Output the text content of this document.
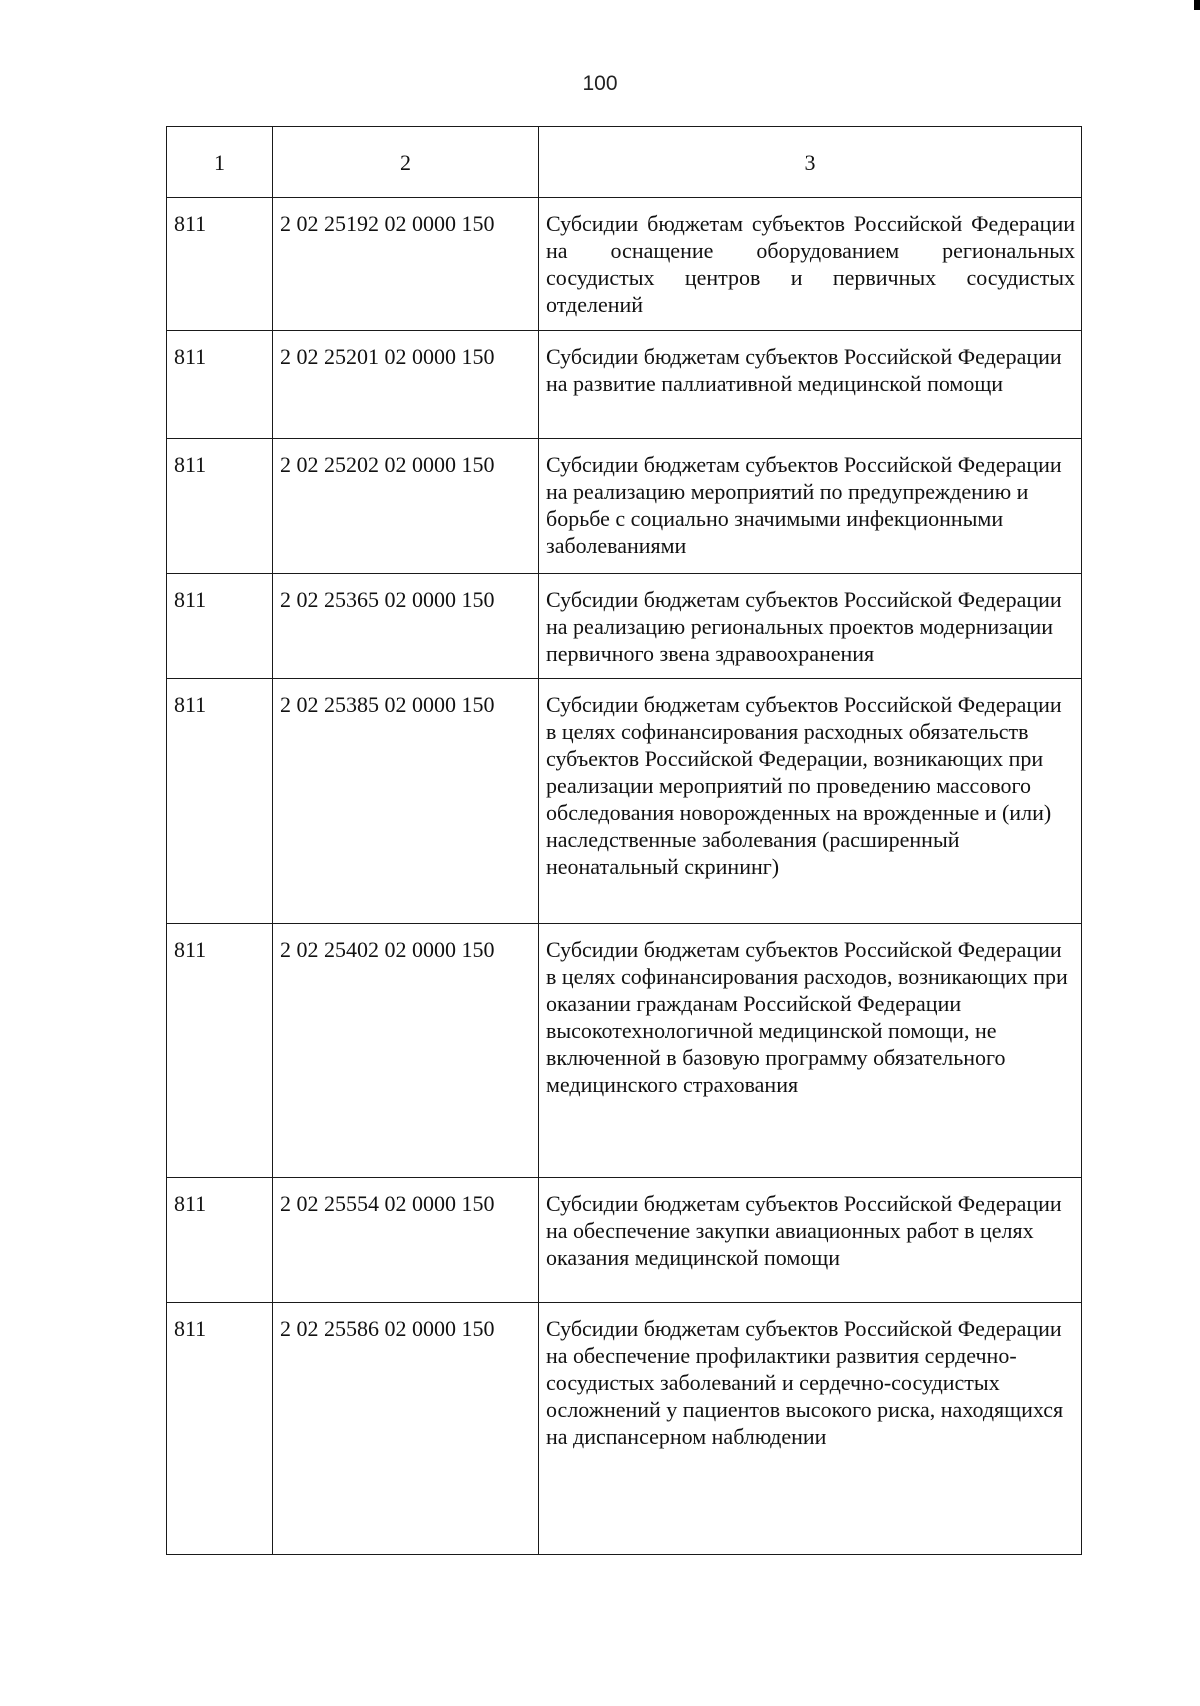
100
1	2	3
811	2 02 25192 02 0000 150	Субсидии бюджетам субъектов Российской Федерации на оснащение оборудованием региональных сосудистых центров и первичных сосудистых отделений
811	2 02 25201 02 0000 150	Субсидии бюджетам субъектов Российской Федерации на развитие паллиативной медицинской помощи
811	2 02 25202 02 0000 150	Субсидии бюджетам субъектов Российской Федерации на реализацию мероприятий по предупреждению и борьбе с социально значимыми инфекционными заболеваниями
811	2 02 25365 02 0000 150	Субсидии бюджетам субъектов Российской Федерации на реализацию региональных проектов модернизации первичного звена здравоохранения
811	2 02 25385 02 0000 150	Субсидии бюджетам субъектов Российской Федерации в целях софинансирования расходных обязательств субъектов Российской Федерации, возникающих при реализации мероприятий по проведению массового обследования новорожденных на врожденные и (или) наследственные заболевания (расширенный неонатальный скрининг)
811	2 02 25402 02 0000 150	Субсидии бюджетам субъектов Российской Федерации в целях софинансирования расходов, возникающих при оказании гражданам Российской Федерации высокотехнологичной медицинской помощи, не включенной в базовую программу обязательного медицинского страхования
811	2 02 25554 02 0000 150	Субсидии бюджетам субъектов Российской Федерации на обеспечение закупки авиационных работ в целях оказания медицинской помощи
811	2 02 25586 02 0000 150	Субсидии бюджетам субъектов Российской Федерации на обеспечение профилактики развития сердечно-сосудистых заболеваний и сердечно-сосудистых осложнений у пациентов высокого риска, находящихся на диспансерном наблюдении
